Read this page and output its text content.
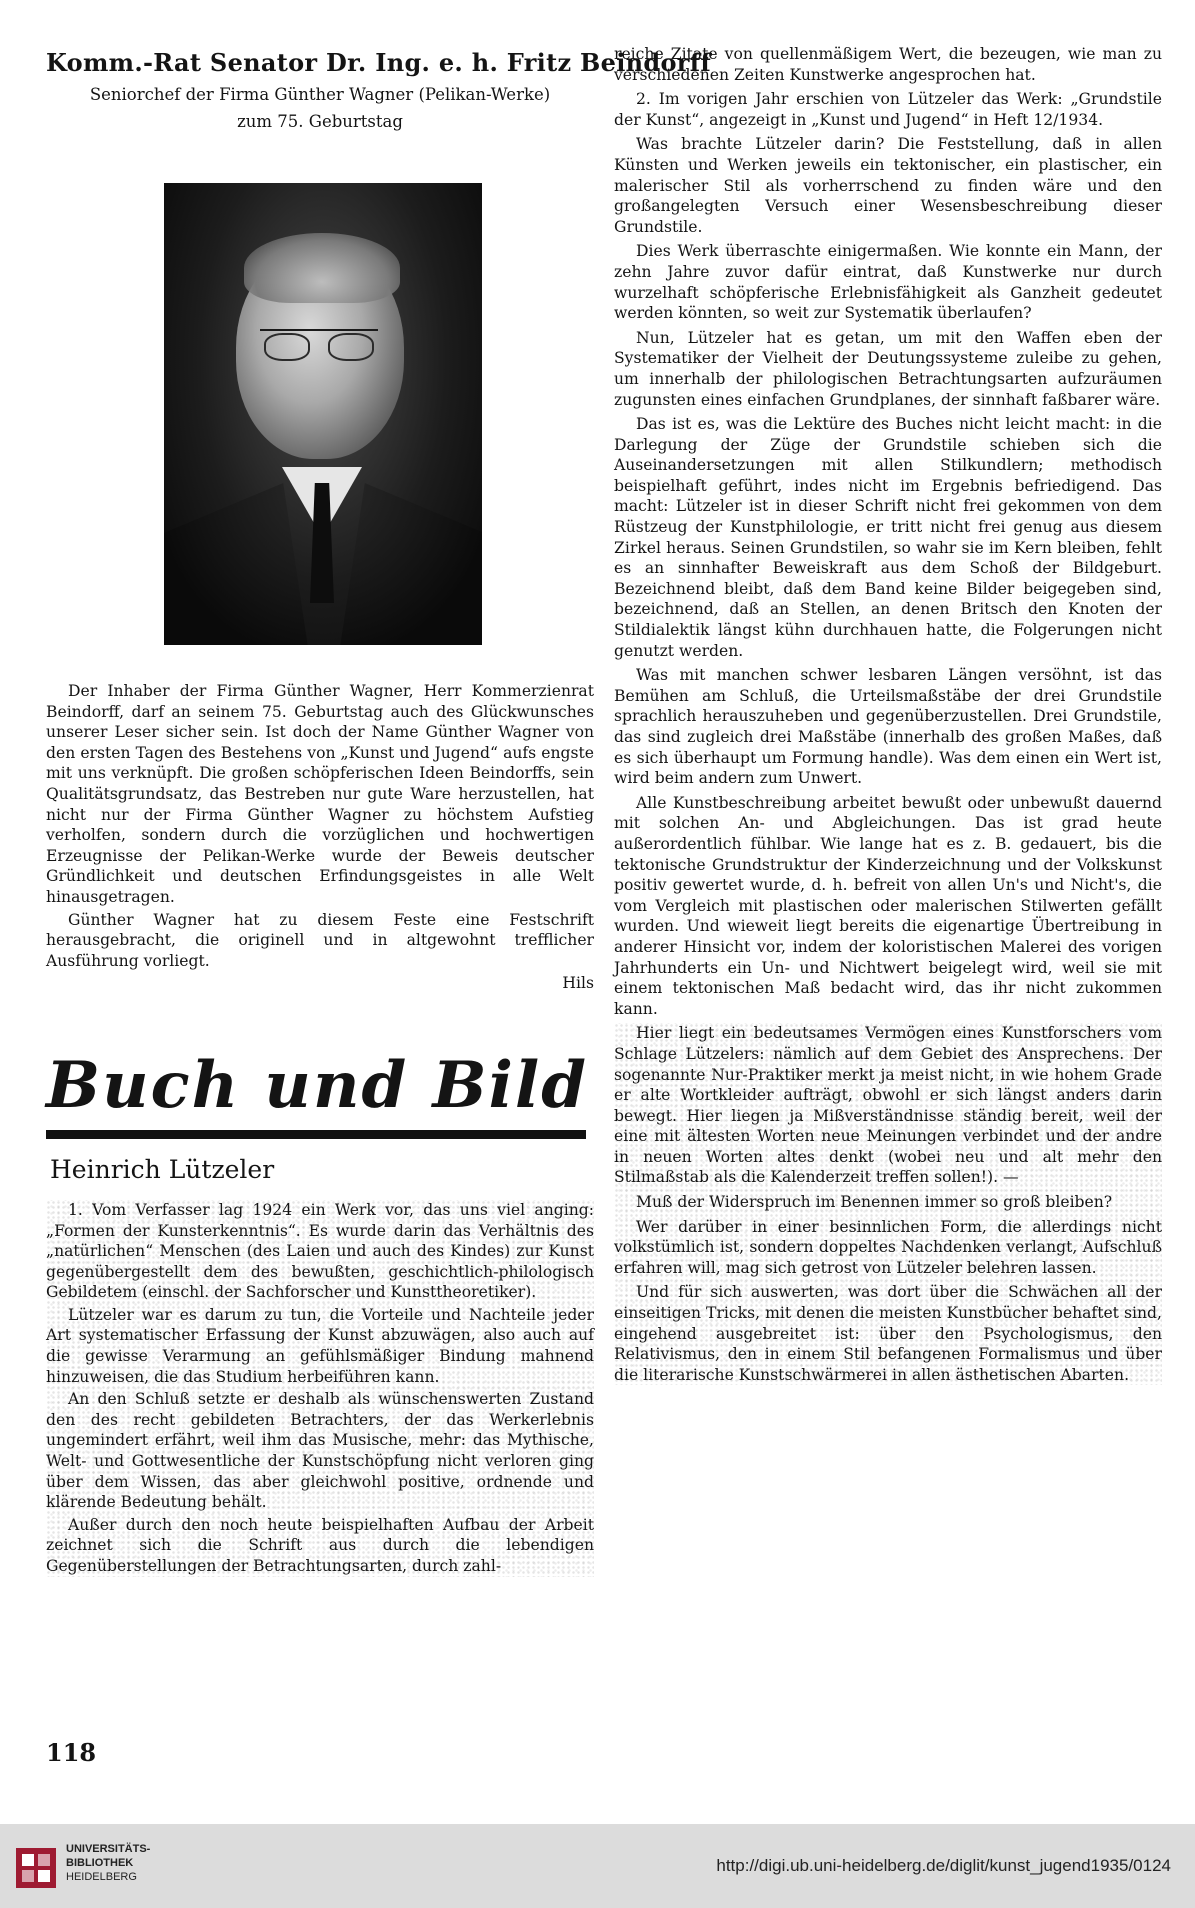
Komm.-Rat Senator Dr. Ing. e. h. Fritz Beindorff
Seniorchef der Firma Günther Wagner (Pelikan-Werke)
zum 75. Geburtstag

Der Inhaber der Firma Günther Wagner, Herr Kommerzienrat Beindorff, darf an seinem 75. Geburtstag auch des Glückwunsches unserer Leser sicher sein. Ist doch der Name Günther Wagner von den ersten Tagen des Bestehens von „Kunst und Jugend“ aufs engste mit uns verknüpft. Die großen schöpferischen Ideen Beindorffs, sein Qualitätsgrundsatz, das Bestreben nur gute Ware herzustellen, hat nicht nur der Firma Günther Wagner zu höchstem Aufstieg verholfen, sondern durch die vorzüglichen und hochwertigen Erzeugnisse der Pelikan-Werke wurde der Beweis deutscher Gründlichkeit und deutschen Erfindungsgeistes in alle Welt hinausgetragen.

Günther Wagner hat zu diesem Feste eine Festschrift herausgebracht, die originell und in altgewohnt trefflicher Ausführung vorliegt.

Hils
Buch und Bild
Heinrich Lützeler

1. Vom Verfasser lag 1924 ein Werk vor, das uns viel anging: „Formen der Kunsterkenntnis“. Es wurde darin das Verhältnis des „natürlichen“ Menschen (des Laien und auch des Kindes) zur Kunst gegenübergestellt dem des bewußten, geschichtlich-philologisch Gebildetem (einschl. der Sachforscher und Kunsttheoretiker).

Lützeler war es darum zu tun, die Vorteile und Nachteile jeder Art systematischer Erfassung der Kunst abzuwägen, also auch auf die gewisse Verarmung an gefühlsmäßiger Bindung mahnend hinzuweisen, die das Studium herbeiführen kann.

An den Schluß setzte er deshalb als wünschenswerten Zustand den des recht gebildeten Betrachters, der das Werkerlebnis ungemindert erfährt, weil ihm das Musische, mehr: das Mythische, Welt- und Gottwesentliche der Kunstschöpfung nicht verloren ging über dem Wissen, das aber gleichwohl positive, ordnende und klärende Bedeutung behält.

Außer durch den noch heute beispielhaften Aufbau der Arbeit zeichnet sich die Schrift aus durch die lebendigen Gegenüberstellungen der Betrachtungsarten, durch zahl-

reiche Zitate von quellenmäßigem Wert, die bezeugen, wie man zu verschiedenen Zeiten Kunstwerke angesprochen hat.

2. Im vorigen Jahr erschien von Lützeler das Werk: „Grundstile der Kunst“, angezeigt in „Kunst und Jugend“ in Heft 12/1934.

Was brachte Lützeler darin? Die Feststellung, daß in allen Künsten und Werken jeweils ein tektonischer, ein plastischer, ein malerischer Stil als vorherrschend zu finden wäre und den großangelegten Versuch einer Wesensbeschreibung dieser Grundstile.

Dies Werk überraschte einigermaßen. Wie konnte ein Mann, der zehn Jahre zuvor dafür eintrat, daß Kunstwerke nur durch wurzelhaft schöpferische Erlebnisfähigkeit als Ganzheit gedeutet werden könnten, so weit zur Systematik überlaufen?

Nun, Lützeler hat es getan, um mit den Waffen eben der Systematiker der Vielheit der Deutungssysteme zuleibe zu gehen, um innerhalb der philologischen Betrachtungsarten aufzuräumen zugunsten eines einfachen Grundplanes, der sinnhaft faßbarer wäre.

Das ist es, was die Lektüre des Buches nicht leicht macht: in die Darlegung der Züge der Grundstile schieben sich die Auseinandersetzungen mit allen Stilkundlern; methodisch beispielhaft geführt, indes nicht im Ergebnis befriedigend. Das macht: Lützeler ist in dieser Schrift nicht frei gekommen von dem Rüstzeug der Kunstphilologie, er tritt nicht frei genug aus diesem Zirkel heraus. Seinen Grundstilen, so wahr sie im Kern bleiben, fehlt es an sinnhafter Beweiskraft aus dem Schoß der Bildgeburt. Bezeichnend bleibt, daß dem Band keine Bilder beigegeben sind, bezeichnend, daß an Stellen, an denen Britsch den Knoten der Stildialektik längst kühn durchhauen hatte, die Folgerungen nicht genutzt werden.

Was mit manchen schwer lesbaren Längen versöhnt, ist das Bemühen am Schluß, die Urteilsmaßstäbe der drei Grundstile sprachlich herauszuheben und gegenüberzustellen. Drei Grundstile, das sind zugleich drei Maßstäbe (innerhalb des großen Maßes, daß es sich überhaupt um Formung handle). Was dem einen ein Wert ist, wird beim andern zum Unwert.

Alle Kunstbeschreibung arbeitet bewußt oder unbewußt dauernd mit solchen An- und Abgleichungen. Das ist grad heute außerordentlich fühlbar. Wie lange hat es z. B. gedauert, bis die tektonische Grundstruktur der Kinderzeichnung und der Volkskunst positiv gewertet wurde, d. h. befreit von allen Un's und Nicht's, die vom Vergleich mit plastischen oder malerischen Stilwerten gefällt wurden. Und wieweit liegt bereits die eigenartige Übertreibung in anderer Hinsicht vor, indem der koloristischen Malerei des vorigen Jahrhunderts ein Un- und Nichtwert beigelegt wird, weil sie mit einem tektonischen Maß bedacht wird, das ihr nicht zukommen kann.

Hier liegt ein bedeutsames Vermögen eines Kunstforschers vom Schlage Lützelers: nämlich auf dem Gebiet des Ansprechens. Der sogenannte Nur-Praktiker merkt ja meist nicht, in wie hohem Grade er alte Wortkleider aufträgt, obwohl er sich längst anders darin bewegt. Hier liegen ja Mißverständnisse ständig bereit, weil der eine mit ältesten Worten neue Meinungen verbindet und der andre in neuen Worten altes denkt (wobei neu und alt mehr den Stilmaßstab als die Kalenderzeit treffen sollen!). —

Muß der Widerspruch im Benennen immer so groß bleiben?

Wer darüber in einer besinnlichen Form, die allerdings nicht volkstümlich ist, sondern doppeltes Nachdenken verlangt, Aufschluß erfahren will, mag sich getrost von Lützeler belehren lassen.

Und für sich auswerten, was dort über die Schwächen all der einseitigen Tricks, mit denen die meisten Kunstbücher behaftet sind, eingehend ausgebreitet ist: über den Psychologismus, den Relativismus, den in einem Stil befangenen Formalismus und über die literarische Kunstschwärmerei in allen ästhetischen Abarten.

118
UNIVERSITÄTS-
BIBLIOTHEK
HEIDELBERG
http://digi.ub.uni-heidelberg.de/diglit/kunst_jugend1935/0124
